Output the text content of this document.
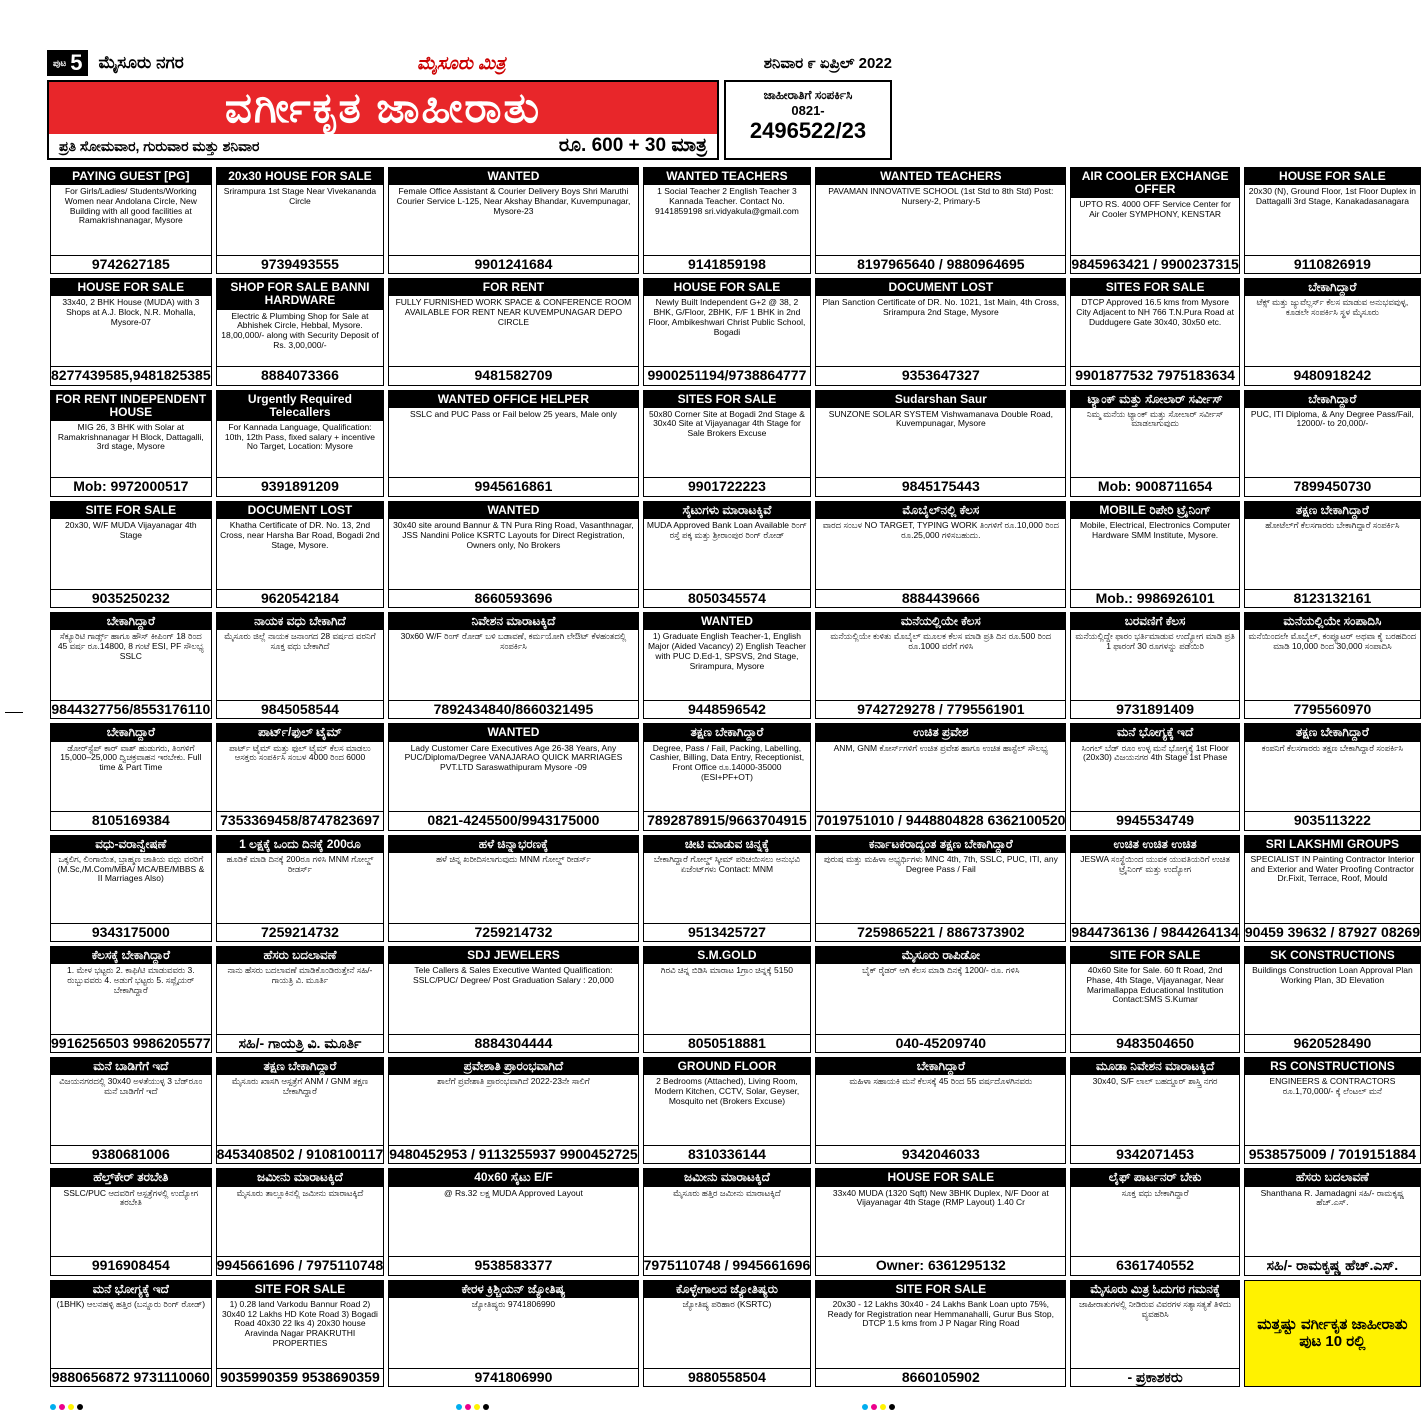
ಪುಟ 5 ಮೈಸೂರು ನಗರ	ಮೈಸೂರು ಮಿತ್ರ	ಶನಿವಾರ ೯ ಏಪ್ರಿಲ್ 2022
ವರ್ಗೀಕೃತ ಜಾಹೀರಾತು
ಪ್ರತಿ ಸೋಮವಾರ, ಗುರುವಾರ ಮತ್ತು ಶನಿವಾರ	ರೂ. 600 + 30 ಮಾತ್ರ
ಜಾಹೀರಾತಿಗೆ ಸಂಪರ್ಕಿಸಿ
0821-
2496522/23
PAYING GUEST [PG]
For Girls/Ladies/ Students/Working Women near Andolana Circle, New Building with all good facilities at Ramakrishnanagar, Mysore
9742627185
20x30 HOUSE FOR SALE
Srirampura 1st Stage Near Vivekananda Circle
9739493555
WANTED
Female Office Assistant & Courier Delivery Boys Shri Maruthi Courier Service L-125, Near Akshay Bhandar, Kuvempunagar, Mysore-23
9901241684
WANTED TEACHERS
1 Social Teacher 2 English Teacher 3 Kannada Teacher. Contact No. 9141859198 sri.vidyakula@gmail.com
9141859198
WANTED TEACHERS
PAVAMAN INNOVATIVE SCHOOL (1st Std to 8th Std) Post: Nursery-2, Primary-5
8197965640 / 9880964695
AIR COOLER EXCHANGE OFFER
UPTO RS. 4000 OFF Service Center for Air Cooler SYMPHONY, KENSTAR
9845963421 / 9900237315
HOUSE FOR SALE
20x30 (N), Ground Floor, 1st Floor Duplex in Dattagalli 3rd Stage, Kanakadasanagara
9110826919
HOUSE FOR SALE
33x40, 2 BHK House (MUDA) with 3 Shops at A.J. Block, N.R. Mohalla, Mysore-07
8277439585,9481825385
SHOP FOR SALE BANNI HARDWARE
Electric & Plumbing Shop for Sale at Abhishek Circle, Hebbal, Mysore. 18,00,000/- along with Security Deposit of Rs. 3,00,000/-
8884073366
FOR RENT
FULLY FURNISHED WORK SPACE & CONFERENCE ROOM AVAILABLE FOR RENT NEAR KUVEMPUNAGAR DEPO CIRCLE
9481582709
HOUSE FOR SALE
Newly Built Independent G+2 @ 38, 2 BHK, G/Floor, 2BHK, F/F 1 BHK in 2nd Floor, Ambikeshwari Christ Public School, Bogadi
9900251194/9738864777
DOCUMENT LOST
Plan Sanction Certificate of DR. No. 1021, 1st Main, 4th Cross, Srirampura 2nd Stage, Mysore
9353647327
SITES FOR SALE
DTCP Approved 16.5 kms from Mysore City Adjacent to NH 766 T.N.Pura Road at Duddugere Gate 30x40, 30x50 etc.
9901877532 7975183634
ಬೇಕಾಗಿದ್ದಾರೆ
ಟೆಕ್ಸ್ ಮತ್ತು ಜ್ಯುವೆಲ್ಲರ್ಸ್ ಕೆಲಸ ಮಾಡುವ ಅನುಭವವುಳ್ಳ, ಕೂಡಲೇ ಸಂಪರ್ಕಿಸಿ ಸ್ಥಳ ಮೈಸೂರು
9480918242
FOR RENT INDEPENDENT HOUSE
MIG 26, 3 BHK with Solar at Ramakrishnanagar H Block, Dattagalli, 3rd stage, Mysore
Mob: 9972000517
Urgently Required Telecallers
For Kannada Language, Qualification: 10th, 12th Pass, fixed salary + incentive No Target, Location: Mysore
9391891209
WANTED OFFICE HELPER
SSLC and PUC Pass or Fail below 25 years, Male only
9945616861
SITES FOR SALE
50x80 Corner Site at Bogadi 2nd Stage & 30x40 Site at Vijayanagar 4th Stage for Sale Brokers Excuse
9901722223
Sudarshan Saur
SUNZONE SOLAR SYSTEM Vishwamanava Double Road, Kuvempunagar, Mysore
9845175443
ಟ್ಯಾಂಕ್ ಮತ್ತು ಸೋಲಾರ್ ಸರ್ವೀಸ್
ನಿಮ್ಮ ಮನೆಯ ಟ್ಯಾಂಕ್ ಮತ್ತು ಸೋಲಾರ್ ಸರ್ವೀಸ್ ಮಾಡಲಾಗುವುದು
Mob: 9008711654
ಬೇಕಾಗಿದ್ದಾರೆ
PUC, ITI Diploma, & Any Degree Pass/Fail, 12000/- to 20,000/-
7899450730
SITE FOR SALE
20x30, W/F MUDA Vijayanagar 4th Stage
9035250232
DOCUMENT LOST
Khatha Certificate of DR. No. 13, 2nd Cross, near Harsha Bar Road, Bogadi 2nd Stage, Mysore.
9620542184
WANTED
30x40 site around Bannur & TN Pura Ring Road, Vasanthnagar, JSS Nandini Police KSRTC Layouts for Direct Registration, Owners only, No Brokers
8660593696
ಸೈಟುಗಳು ಮಾರಾಟಕ್ಕಿವೆ
MUDA Approved Bank Loan Available ರಿಂಗ್ ರಸ್ತೆ ಪಕ್ಕ ಮತ್ತು ಶ್ರೀರಾಂಪುರ ರಿಂಗ್ ರೋಡ್
8050345574
ಮೊಬೈಲ್‌ನಲ್ಲಿ ಕೆಲಸ
ವಾರದ ಸಂಬಳ NO TARGET, TYPING WORK ತಿಂಗಳಿಗೆ ರೂ.10,000 ರಿಂದ ರೂ.25,000 ಗಳಿಸಬಹುದು.
8884439666
MOBILE ರಿಪೇರಿ ಟ್ರೈನಿಂಗ್
Mobile, Electrical, Electronics Computer Hardware SMM Institute, Mysore.
Mob.: 9986926101
ತಕ್ಷಣ ಬೇಕಾಗಿದ್ದಾರೆ
ಹೋಟೆಲ್‌ಗೆ ಕೆಲಸಗಾರರು ಬೇಕಾಗಿದ್ದಾರೆ ಸಂಪರ್ಕಿಸಿ
8123132161
ಬೇಕಾಗಿದ್ದಾರೆ
ಸೆಕ್ಯೂರಿಟಿ ಗಾರ್ಡ್ಸ್ ಹಾಗೂ ಹೌಸ್ ಕೀಪಿಂಗ್ 18 ರಿಂದ 45 ವರ್ಷ ರೂ.14800, 8 ಗಂಟೆ ESI, PF ಸೌಲಭ್ಯ SSLC
9844327756/8553176110
ನಾಯಕ ವಧು ಬೇಕಾಗಿದೆ
ಮೈಸೂರು ಜಿಲ್ಲೆ ನಾಯಕ ಜನಾಂಗದ 28 ವರ್ಷದ ವರನಿಗೆ ಸೂಕ್ತ ವಧು ಬೇಕಾಗಿದೆ
9845058544
ನಿವೇಶನ ಮಾರಾಟಕ್ಕಿದೆ
30x60 W/F ರಿಂಗ್ ರೋಡ್ ಬಳಿ ಬಡಾವಣೆ, ಕರ್ಮಯೋಗಿ ಲೇಔಟ್ ಕೆಳಹಂತದಲ್ಲಿ ಸಂಪರ್ಕಿಸಿ
7892434840/8660321495
WANTED
1) Graduate English Teacher-1, English Major (Aided Vacancy) 2) English Teacher with PUC D.Ed-1, SPSVS, 2nd Stage, Srirampura, Mysore
9448596542
ಮನೆಯಲ್ಲಿಯೇ ಕೆಲಸ
ಮನೆಯಲ್ಲಿಯೇ ಕುಳಿತು ಮೊಬೈಲ್ ಮೂಲಕ ಕೆಲಸ ಮಾಡಿ ಪ್ರತಿ ದಿನ ರೂ.500 ರಿಂದ ರೂ.1000 ವರೆಗೆ ಗಳಿಸಿ
9742729278 / 7795561901
ಬರವಣಿಗೆ ಕೆಲಸ
ಮನೆಯಲ್ಲಿದ್ದೇ ಫಾರಂ ಭರ್ತಿಮಾಡುವ ಉದ್ಯೋಗ ಮಾಡಿ ಪ್ರತಿ 1 ಫಾರಂಗೆ 30 ರೂಗಳನ್ನು ಪಡೆಯಿರಿ
9731891409
ಮನೆಯಲ್ಲಿಯೇ ಸಂಪಾದಿಸಿ
ಮನೆಯಿಂದಲೇ ಮೊಬೈಲ್, ಕಂಪ್ಯೂಟರ್ ಅಥವಾ ಕೈ ಬರಹದಿಂದ ಮಾಡಿ 10,000 ರಿಂದ 30,000 ಸಂಪಾದಿಸಿ
7795560970
ಬೇಕಾಗಿದ್ದಾರೆ
ಡೋರ್‌ಸ್ಟೆಪ್ ಕಾರ್ ವಾಶ್ ಹುಡುಗರು, ತಿಂಗಳಿಗೆ 15,000–25,000 ದ್ವಿಚಕ್ರವಾಹನ ಇರಬೇಕು. Full time & Part Time
8105169384
ಪಾರ್ಟ್/ಫುಲ್ ಟೈಮ್
ಪಾರ್ಟ್ ಟೈಮ್ ಮತ್ತು ಫುಲ್ ಟೈಮ್ ಕೆಲಸ ಮಾಡಲು ಆಸಕ್ತರು ಸಂಪರ್ಕಿಸಿ ಸಂಬಳ 4000 ರಿಂದ 6000
7353369458/8747823697
WANTED
Lady Customer Care Executives Age 26-38 Years, Any PUC/Diploma/Degree VANAJARAO QUICK MARRIAGES PVT.LTD Saraswathipuram Mysore -09
0821-4245500/9943175000
ತಕ್ಷಣ ಬೇಕಾಗಿದ್ದಾರೆ
Degree, Pass / Fail, Packing, Labelling, Cashier, Billing, Data Entry, Receptionist, Front Office ರೂ.14000-35000 (ESI+PF+OT)
7892878915/9663704915
ಉಚಿತ ಪ್ರವೇಶ
ANM, GNM ಕೋರ್ಸ್‌ಗಳಿಗೆ ಉಚಿತ ಪ್ರವೇಶ ಹಾಗೂ ಉಚಿತ ಹಾಸ್ಟೆಲ್ ಸೌಲಭ್ಯ
7019751010 / 9448804828 6362100520
ಮನೆ ಭೋಗ್ಯಕ್ಕೆ ಇದೆ
ಸಿಂಗಲ್ ಬೆಡ್ ರೂಂ ಉಳ್ಳ ಮನೆ ಭೋಗ್ಯಕ್ಕೆ 1st Floor (20x30) ವಿಜಯನಗರ 4th Stage 1st Phase
9945534749
ತಕ್ಷಣ ಬೇಕಾಗಿದ್ದಾರೆ
ಕಂಪನಿಗೆ ಕೆಲಸಗಾರರು ತಕ್ಷಣ ಬೇಕಾಗಿದ್ದಾರೆ ಸಂಪರ್ಕಿಸಿ
9035113222
ವಧು-ವರಾನ್ವೇಷಣೆ
ಒಕ್ಕಲಿಗ, ಲಿಂಗಾಯಿತ, ಬ್ರಾಹ್ಮಣ ಜಾತಿಯ ವಧು ವರರಿಗೆ (M.Sc,/M.Com/MBA/ MCA/BE/MBBS & II Marriages Also)
9343175000
1 ಲಕ್ಷಕ್ಕೆ ಒಂದು ದಿನಕ್ಕೆ 200ರೂ
ಹೂಡಿಕೆ ಮಾಡಿ ದಿನಕ್ಕೆ 200ರೂ ಗಳಿಸಿ MNM ಗೋಲ್ಡ್ ರೀಡರ್ಸ್
7259214732
ಹಳೆ ಚಿನ್ನಾಭರಣಕ್ಕೆ
ಹಳೆ ಚಿನ್ನ ಖರೀದಿಸಲಾಗುವುದು MNM ಗೋಲ್ಡ್ ರೀಡರ್ಸ್
7259214732
ಚೀಟಿ ಮಾಡುವ ಚಿನ್ನಕ್ಕೆ
ಬೇಕಾಗಿದ್ದಾರೆ ಗೋಲ್ಡ್ ಸ್ಕೀಮ್ ಪರಿಚಯಿಸಲು ಅನುಭವಿ ಏಜೆಂಟ್‌ಗಳು Contact: MNM
9513425727
ಕರ್ನಾಟಕರಾದ್ಯಂತ ತಕ್ಷಣ ಬೇಕಾಗಿದ್ದಾರೆ
ಪುರುಷ ಮತ್ತು ಮಹಿಳಾ ಅಭ್ಯರ್ಥಿಗಳು MNC 4th, 7th, SSLC, PUC, ITI, any Degree Pass / Fail
7259865221 / 8867373902
ಉಚಿತ ಉಚಿತ ಉಚಿತ
JESWA ಸಂಸ್ಥೆಯಿಂದ ಯುವಕ ಯುವತಿಯರಿಗೆ ಉಚಿತ ಟ್ರೈನಿಂಗ್ ಮತ್ತು ಉದ್ಯೋಗ
9844736136 / 9844264134
SRI LAKSHMI GROUPS
SPECIALIST IN Painting Contractor Interior and Exterior and Water Proofing Contractor Dr.Fixit, Terrace, Roof, Mould
90459 39632 / 87927 08269
ಕೆಲಸಕ್ಕೆ ಬೇಕಾಗಿದ್ದಾರೆ
1. ಮೇಳ ಭಟ್ಟರು 2. ಕಾಫಿ/ಟಿ ಮಾಡುವವರು 3. ರುಬ್ಬುವವರು 4. ಅಡುಗೆ ಭಟ್ಟರು 5. ಸಪ್ಲೈಯರ್ ಬೇಕಾಗಿದ್ದಾರೆ
9916256503 9986205577
ಹೆಸರು ಬದಲಾವಣೆ
ನಾನು ಹೆಸರು ಬದಲಾವಣೆ ಮಾಡಿಕೊಂಡಿರುತ್ತೇನೆ ಸಹಿ/- ಗಾಯತ್ರಿ ವಿ. ಮೂರ್ತಿ
ಸಹಿ/- ಗಾಯತ್ರಿ ವಿ. ಮೂರ್ತಿ
SDJ JEWELERS
Tele Callers & Sales Executive Wanted Qualification: SSLC/PUC/ Degree/ Post Graduation Salary : 20,000
8884304444
S.M.GOLD
ಗಿರವಿ ಚಿನ್ನ ಬಿಡಿಸಿ ಮಾರಾಟ 1ಗ್ರಾಂ ಚಿನ್ನಕ್ಕೆ 5150
8050518881
ಮೈಸೂರು ರಾಪಿಡೋ
ಬೈಕ್ ರೈಡರ್ ಆಗಿ ಕೆಲಸ ಮಾಡಿ ದಿನಕ್ಕೆ 1200/- ರೂ. ಗಳಿಸಿ
040-45209740
SITE FOR SALE
40x60 Site for Sale. 60 ft Road, 2nd Phase, 4th Stage, Vijayanagar, Near Marimallappa Educational Institution Contact:SMS S.Kumar
9483504650
SK CONSTRUCTIONS
Buildings Construction Loan Approval Plan Working Plan, 3D Elevation
9620528490
ಮನೆ ಬಾಡಿಗೆಗೆ ಇದೆ
ವಿಜಯನಗರದಲ್ಲಿ 30x40 ಅಳತೆಯುಳ್ಳ 3 ಬೆಡ್‌ರೂಂ ಮನೆ ಬಾಡಿಗೆಗೆ ಇದೆ
9380681006
ತಕ್ಷಣ ಬೇಕಾಗಿದ್ದಾರೆ
ಮೈಸೂರು ಖಾಸಗಿ ಆಸ್ಪತ್ರೆಗೆ ANM / GNM ತಕ್ಷಣ ಬೇಕಾಗಿದ್ದಾರೆ
8453408502 / 9108100117
ಪ್ರವೇಶಾತಿ ಪ್ರಾರಂಭವಾಗಿದೆ
ಶಾಲೆಗೆ ಪ್ರವೇಶಾತಿ ಪ್ರಾರಂಭವಾಗಿದೆ 2022-23ನೇ ಸಾಲಿಗೆ
9480452953 / 9113255937 9900452725
GROUND FLOOR
2 Bedrooms (Attached), Living Room, Modern Kitchen, CCTV, Solar, Geyser, Mosquito net (Brokers Excuse)
8310336144
ಬೇಕಾಗಿದ್ದಾರೆ
ಮಹಿಳಾ ಸಹಾಯಕಿ ಮನೆ ಕೆಲಸಕ್ಕೆ 45 ರಿಂದ 55 ವರ್ಷದೊಳಗಿನವರು
9342046033
ಮೂಡಾ ನಿವೇಶನ ಮಾರಾಟಕ್ಕಿದೆ
30x40, S/F ಲಾಲ್ ಬಹದ್ದೂರ್ ಶಾಸ್ತ್ರಿ ನಗರ
9342071453
RS CONSTRUCTIONS
ENGINEERS & CONTRACTORS ರೂ.1,70,000/- ಕ್ಕೆ ಲೆಂಟಲ್ ಮನೆ
9538575009 / 7019151884
ಹೆಲ್ತ್‌ಕೇರ್ ತರಬೇತಿ
SSLC/PUC ಆದವರಿಗೆ ಆಸ್ಪತ್ರೆಗಳಲ್ಲಿ ಉದ್ಯೋಗ ತರಬೇತಿ
9916908454
ಜಮೀನು ಮಾರಾಟಕ್ಕಿದೆ
ಮೈಸೂರು ತಾಲ್ಲೂಕಿನಲ್ಲಿ ಜಮೀನು ಮಾರಾಟಕ್ಕಿದೆ
9945661696 / 7975110748
40x60 ಸೈಟು E/F
@ Rs.32 ಲಕ್ಷ MUDA Approved Layout
9538583377
ಜಮೀನು ಮಾರಾಟಕ್ಕಿದೆ
ಮೈಸೂರು ಹತ್ತಿರ ಜಮೀನು ಮಾರಾಟಕ್ಕಿದೆ
7975110748 / 9945661696
HOUSE FOR SALE
33x40 MUDA (1320 Sqft) New 3BHK Duplex, N/F Door at Vijayanagar 4th Stage (RMP Layout) 1.40 Cr
Owner: 6361295132
ಲೈಫ್ ಪಾರ್ಟನರ್ ಬೇಕು
ಸೂಕ್ತ ವಧು ಬೇಕಾಗಿದ್ದಾರೆ
6361740552
ಹೆಸರು ಬದಲಾವಣೆ
Shanthana R. Jamadagni ಸಹಿ/- ರಾಮಕೃಷ್ಣ ಹೆಚ್.ಎಸ್.
ಸಹಿ/- ರಾಮಕೃಷ್ಣ ಹೆಚ್.ಎಸ್.
ಮನೆ ಭೋಗ್ಯಕ್ಕೆ ಇದೆ
(1BHK) ಆಲನಹಳ್ಳಿ ಹತ್ತಿರ (ಬನ್ನೂರು ರಿಂಗ್ ರೋಡ್)
9880656872 9731110060
SITE FOR SALE
1) 0.28 land Varkodu Bannur Road 2) 30x40 12 Lakhs HD Kote Road 3) Bogadi Road 40x30 22 lks 4) 20x30 house Aravinda Nagar PRAKRUTHI PROPERTIES
9035990359 9538690359
ಕೇರಳ ಕ್ರಿಶ್ಚಿಯನ್ ಜ್ಯೋತಿಷ್ಯ
ಜ್ಯೋತಿಷ್ಯರು 9741806990
9741806990
ಕೊಳ್ಳೇಗಾಲದ ಜ್ಯೋತಿಷ್ಯರು
ಜ್ಯೋತಿಷ್ಯ ಪರಿಹಾರ (KSRTC)
9880558504
SITE FOR SALE
20x30 - 12 Lakhs 30x40 - 24 Lakhs Bank Loan upto 75%, Ready for Registration near Hemmanahalli, Gurur Bus Stop, DTCP 1.5 kms from J P Nagar Ring Road
8660105902
ಮೈಸೂರು ಮಿತ್ರ ಓದುಗರ ಗಮನಕ್ಕೆ
ಜಾಹೀರಾತುಗಳಲ್ಲಿ ನೀಡಿರುವ ವಿವರಗಳ ಸತ್ಯಾಸತ್ಯತೆ ತಿಳಿದು ವ್ಯವಹರಿಸಿ
- ಪ್ರಕಾಶಕರು
ಮತ್ತಷ್ಟು ವರ್ಗೀಕೃತ ಜಾಹೀರಾತು ಪುಟ 10 ರಲ್ಲಿ
